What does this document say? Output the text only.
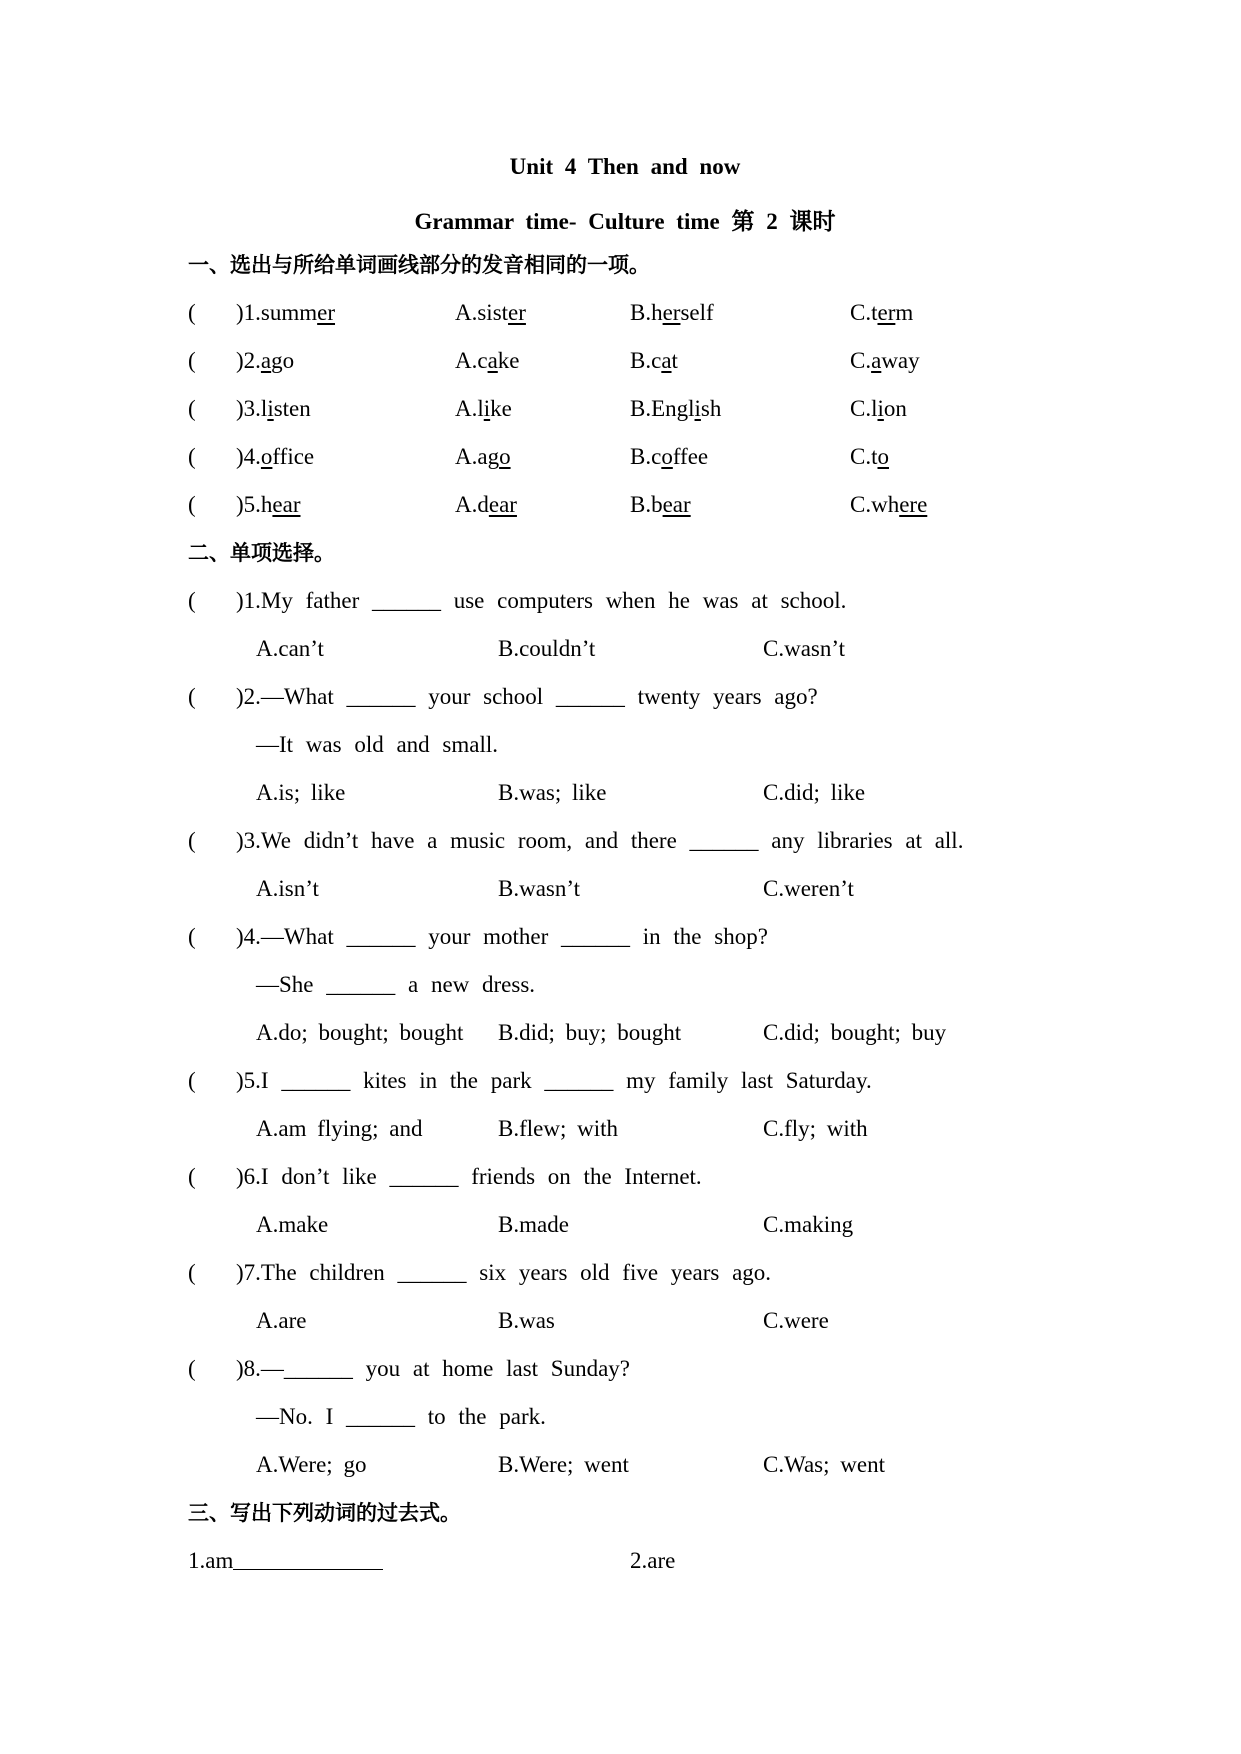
Unit 4 Then and now
Grammar time- Culture time 第 2 课时
一、选出与所给单词画线部分的发音相同的一项。
( )1.summer	A.sister	B.herself	C.term
( )2.ago	A.cake	B.cat	C.away
( )3.listen	A.like	B.English	C.lion
( )4.office	A.ago	B.coffee	C.to
( )5.hear	A.dear	B.bear	C.where
二、单项选择。
( )1.My father ______ use computers when he was at school.
A.can’t	B.couldn’t	C.wasn’t
( )2.—What ______ your school ______ twenty years ago?
—It was old and small.
A.is; like	B.was; like	C.did; like
( )3.We didn’t have a music room, and there ______ any libraries at all.
A.isn’t	B.wasn’t	C.weren’t
( )4.—What ______ your mother ______ in the shop?
—She ______ a new dress.
A.do; bought; bought B.did; buy; bought	C.did; bought; buy
( )5.I ______ kites in the park ______ my family last Saturday.
A.am flying; and	B.flew; with	C.fly; with
( )6.I don’t like ______ friends on the Internet.
A.make	B.made	C.making
( )7.The children ______ six years old five years ago.
A.are	B.was	C.were
( )8.—______ you at home last Sunday?
—No. I ______ to the park.
A.Were; go	B.Were; went	C.Was; went
三、写出下列动词的过去式。
1.am	2.are
